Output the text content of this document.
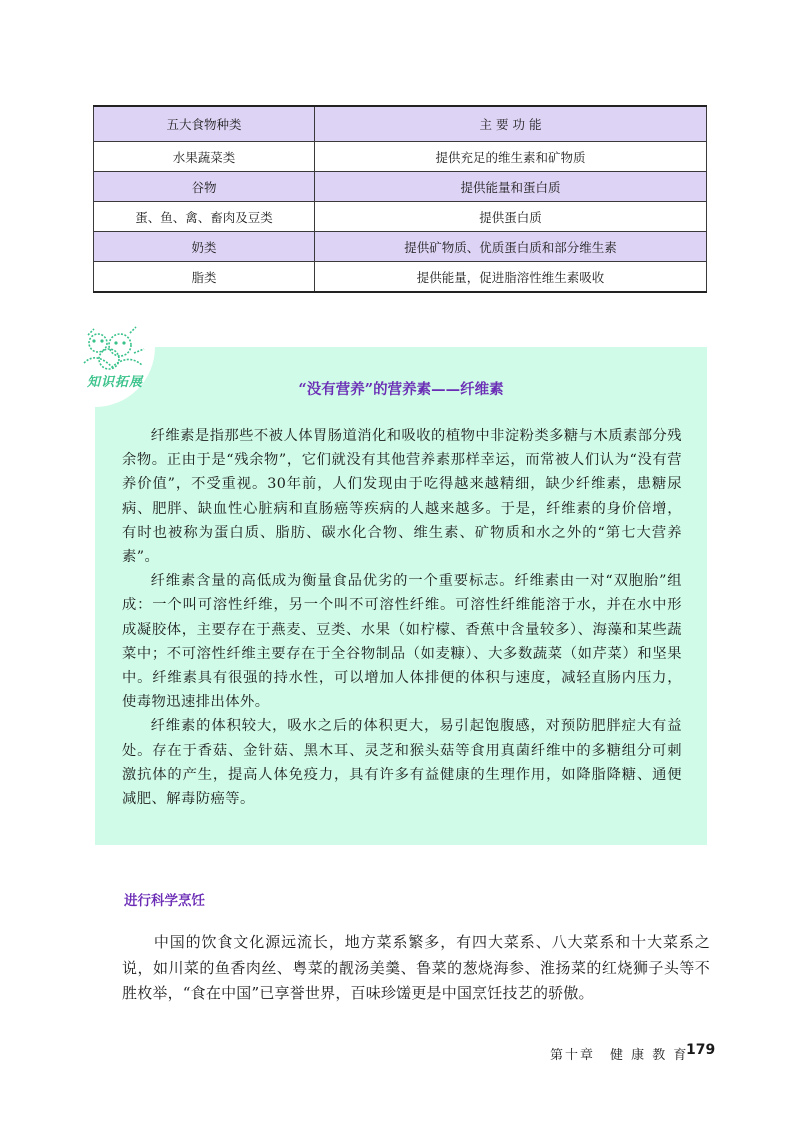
五大食物种类	主 要 功 能
水果蔬菜类	提供充足的维生素和矿物质
谷物	提供能量和蛋白质
蛋、鱼、禽、畜肉及豆类	提供蛋白质
奶类	提供矿物质、优质蛋白质和部分维生素
脂类	提供能量，促进脂溶性维生素吸收
知识拓展	“没有营养”的营养素——纤维素

纤维素是指那些不被人体胃肠道消化和吸收的植物中非淀粉类多糖与木质素部分残余物。正由于是“残余物”，它们就没有其他营养素那样幸运，而常被人们认为“没有营养价值”，不受重视。30年前，人们发现由于吃得越来越精细，缺少纤维素，患糖尿病、肥胖、缺血性心脏病和直肠癌等疾病的人越来越多。于是，纤维素的身价倍增，有时也被称为蛋白质、脂肪、碳水化合物、维生素、矿物质和水之外的“第七大营养素”。

纤维素含量的高低成为衡量食品优劣的一个重要标志。纤维素由一对“双胞胎”组成：一个叫可溶性纤维，另一个叫不可溶性纤维。可溶性纤维能溶于水，并在水中形成凝胶体，主要存在于燕麦、豆类、水果（如柠檬、香蕉中含量较多）、海藻和某些蔬菜中；不可溶性纤维主要存在于全谷物制品（如麦糠）、大多数蔬菜（如芹菜）和坚果中。纤维素具有很强的持水性，可以增加人体排便的体积与速度，减轻直肠内压力，使毒物迅速排出体外。

纤维素的体积较大，吸水之后的体积更大，易引起饱腹感，对预防肥胖症大有益处。存在于香菇、金针菇、黑木耳、灵芝和猴头菇等食用真菌纤维中的多糖组分可刺激抗体的产生，提高人体免疫力，具有许多有益健康的生理作用，如降脂降糖、通便减肥、解毒防癌等。

进行科学烹饪

　　中国的饮食文化源远流长，地方菜系繁多，有四大菜系、八大菜系和十大菜系之说，如川菜的鱼香肉丝、粤菜的靓汤美羹、鲁菜的葱烧海参、淮扬菜的红烧狮子头等不胜枚举，“食在中国”已享誉世界，百味珍馐更是中国烹饪技艺的骄傲。

第十章　健 康 教 育
179
